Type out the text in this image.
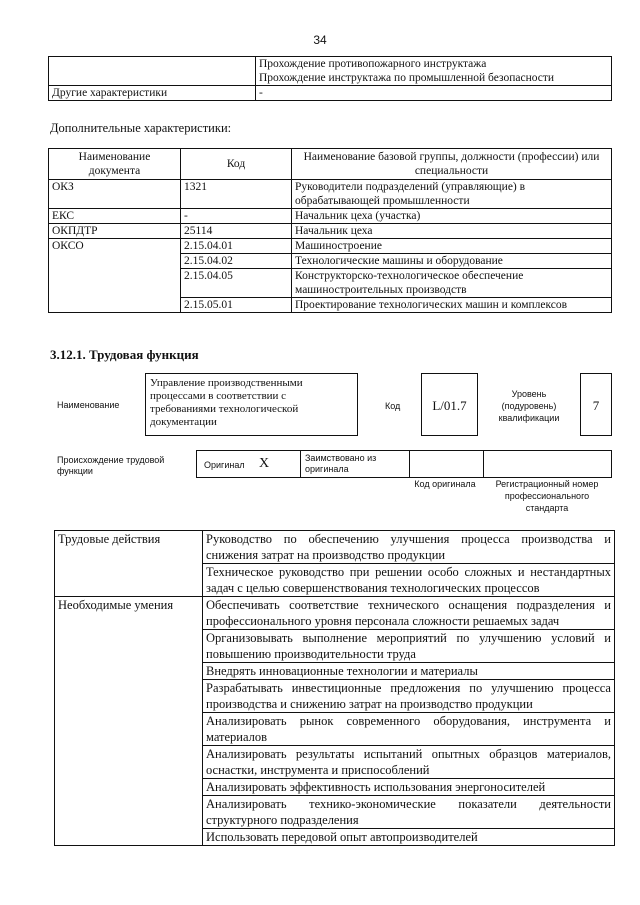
34

	Прохождение противопожарного инструктажа
Прохождение инструктажа по промышленной безопасности

Другие характеристики	-
Дополнительные характеристики:
Наименование документа	Код	Наименование базовой группы, должности (профессии) или специальности
ОКЗ	1321	Руководители подразделений (управляющие) в обрабатывающей промышленности
ЕКС	-	Начальник цеха (участка)
ОКПДТР	25114	Начальник цеха
ОКСО	2.15.04.01	Машиностроение
	2.15.04.02	Технологические машины и оборудование
	2.15.04.05	Конструкторско-технологическое обеспечение машиностроительных производств
	2.15.05.01	Проектирование технологических машин и комплексов
3.12.1. Трудовая функция
Наименование
Управление производственными процессами в соответствии с требованиями технологической документации
Код	L/01.7
Уровень (подуровень) квалификации
7
Происхождение трудовой функции
Оригинал X	Заимствовано из оригинала
Код оригинала	Регистрационный номер профессионального стандарта
Трудовые действия	Руководство по обеспечению улучшения процесса производства и снижения затрат на производство продукции
	Техническое руководство при решении особо сложных и нестандартных задач с целью совершенствования технологических процессов
Необходимые умения	Обеспечивать соответствие технического оснащения подразделения и профессионального уровня персонала сложности решаемых задач
	Организовывать выполнение мероприятий по улучшению условий и повышению производительности труда
	Внедрять инновационные технологии и материалы
	Разрабатывать инвестиционные предложения по улучшению процесса производства и снижению затрат на производство продукции
	Анализировать рынок современного оборудования, инструмента и материалов
	Анализировать результаты испытаний опытных образцов материалов, оснастки, инструмента и приспособлений
	Анализировать эффективность использования энергоносителей
	Анализировать технико-экономические показатели деятельности структурного подразделения
	Использовать передовой опыт автопроизводителей
